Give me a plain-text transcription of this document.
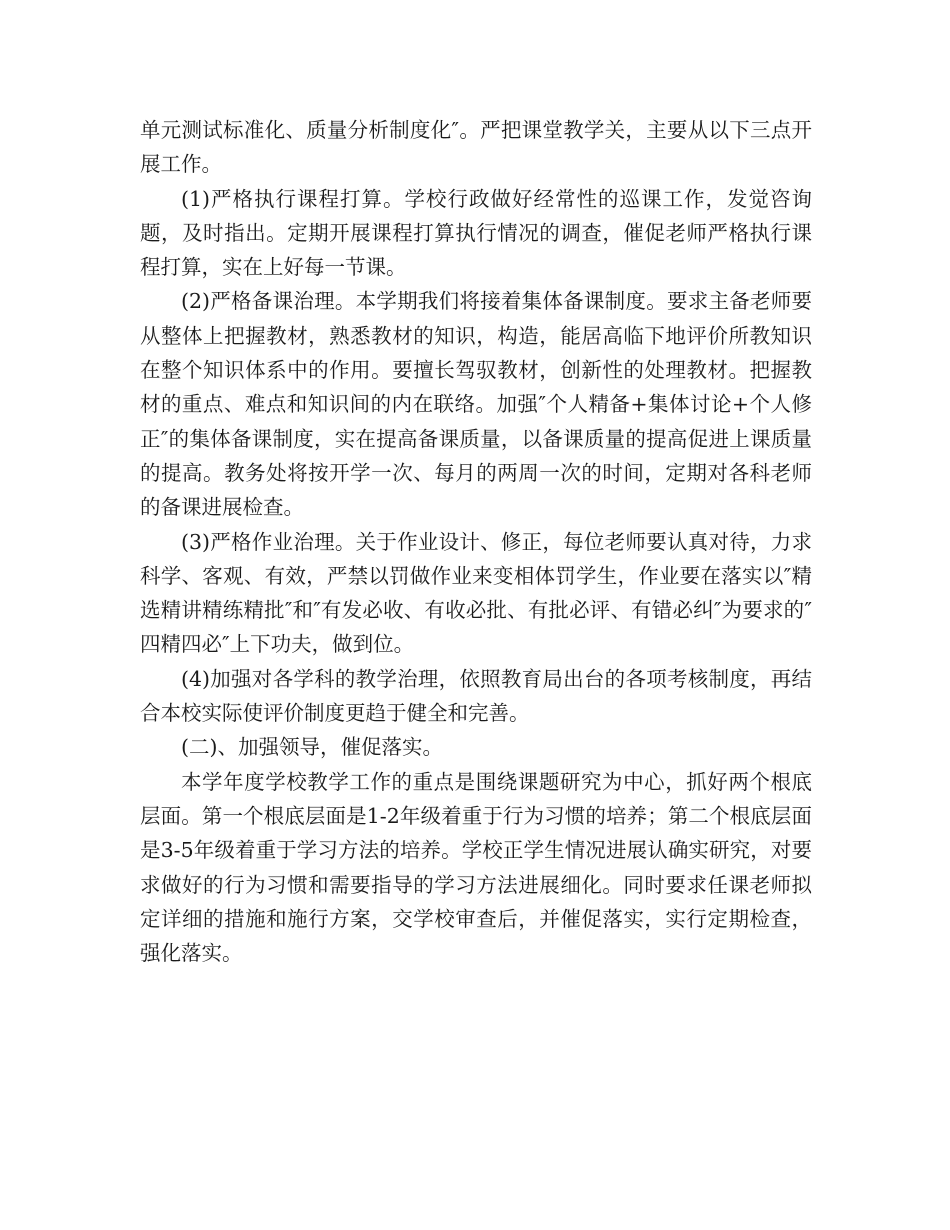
单元测试标准化、质量分析制度化″。严把课堂教学关，主要从以下三点开展工作。

(1)严格执行课程打算。学校行政做好经常性的巡课工作，发觉咨询题，及时指出。定期开展课程打算执行情况的调查，催促老师严格执行课程打算，实在上好每一节课。

(2)严格备课治理。本学期我们将接着集体备课制度。要求主备老师要从整体上把握教材，熟悉教材的知识，构造，能居高临下地评价所教知识在整个知识体系中的作用。要擅长驾驭教材，创新性的处理教材。把握教材的重点、难点和知识间的内在联络。加强″个人精备+集体讨论+个人修正″的集体备课制度，实在提高备课质量，以备课质量的提高促进上课质量的提高。教务处将按开学一次、每月的两周一次的时间，定期对各科老师的备课进展检查。

(3)严格作业治理。关于作业设计、修正，每位老师要认真对待，力求科学、客观、有效，严禁以罚做作业来变相体罚学生，作业要在落实以″精选精讲精练精批″和″有发必收、有收必批、有批必评、有错必纠″为要求的″四精四必″上下功夫，做到位。

(4)加强对各学科的教学治理，依照教育局出台的各项考核制度，再结合本校实际使评价制度更趋于健全和完善。

(二)、加强领导，催促落实。

本学年度学校教学工作的重点是围绕课题研究为中心，抓好两个根底层面。第一个根底层面是1-2年级着重于行为习惯的培养；第二个根底层面是3-5年级着重于学习方法的培养。学校正学生情况进展认确实研究，对要求做好的行为习惯和需要指导的学习方法进展细化。同时要求任课老师拟定详细的措施和施行方案，交学校审查后，并催促落实，实行定期检查，强化落实。
